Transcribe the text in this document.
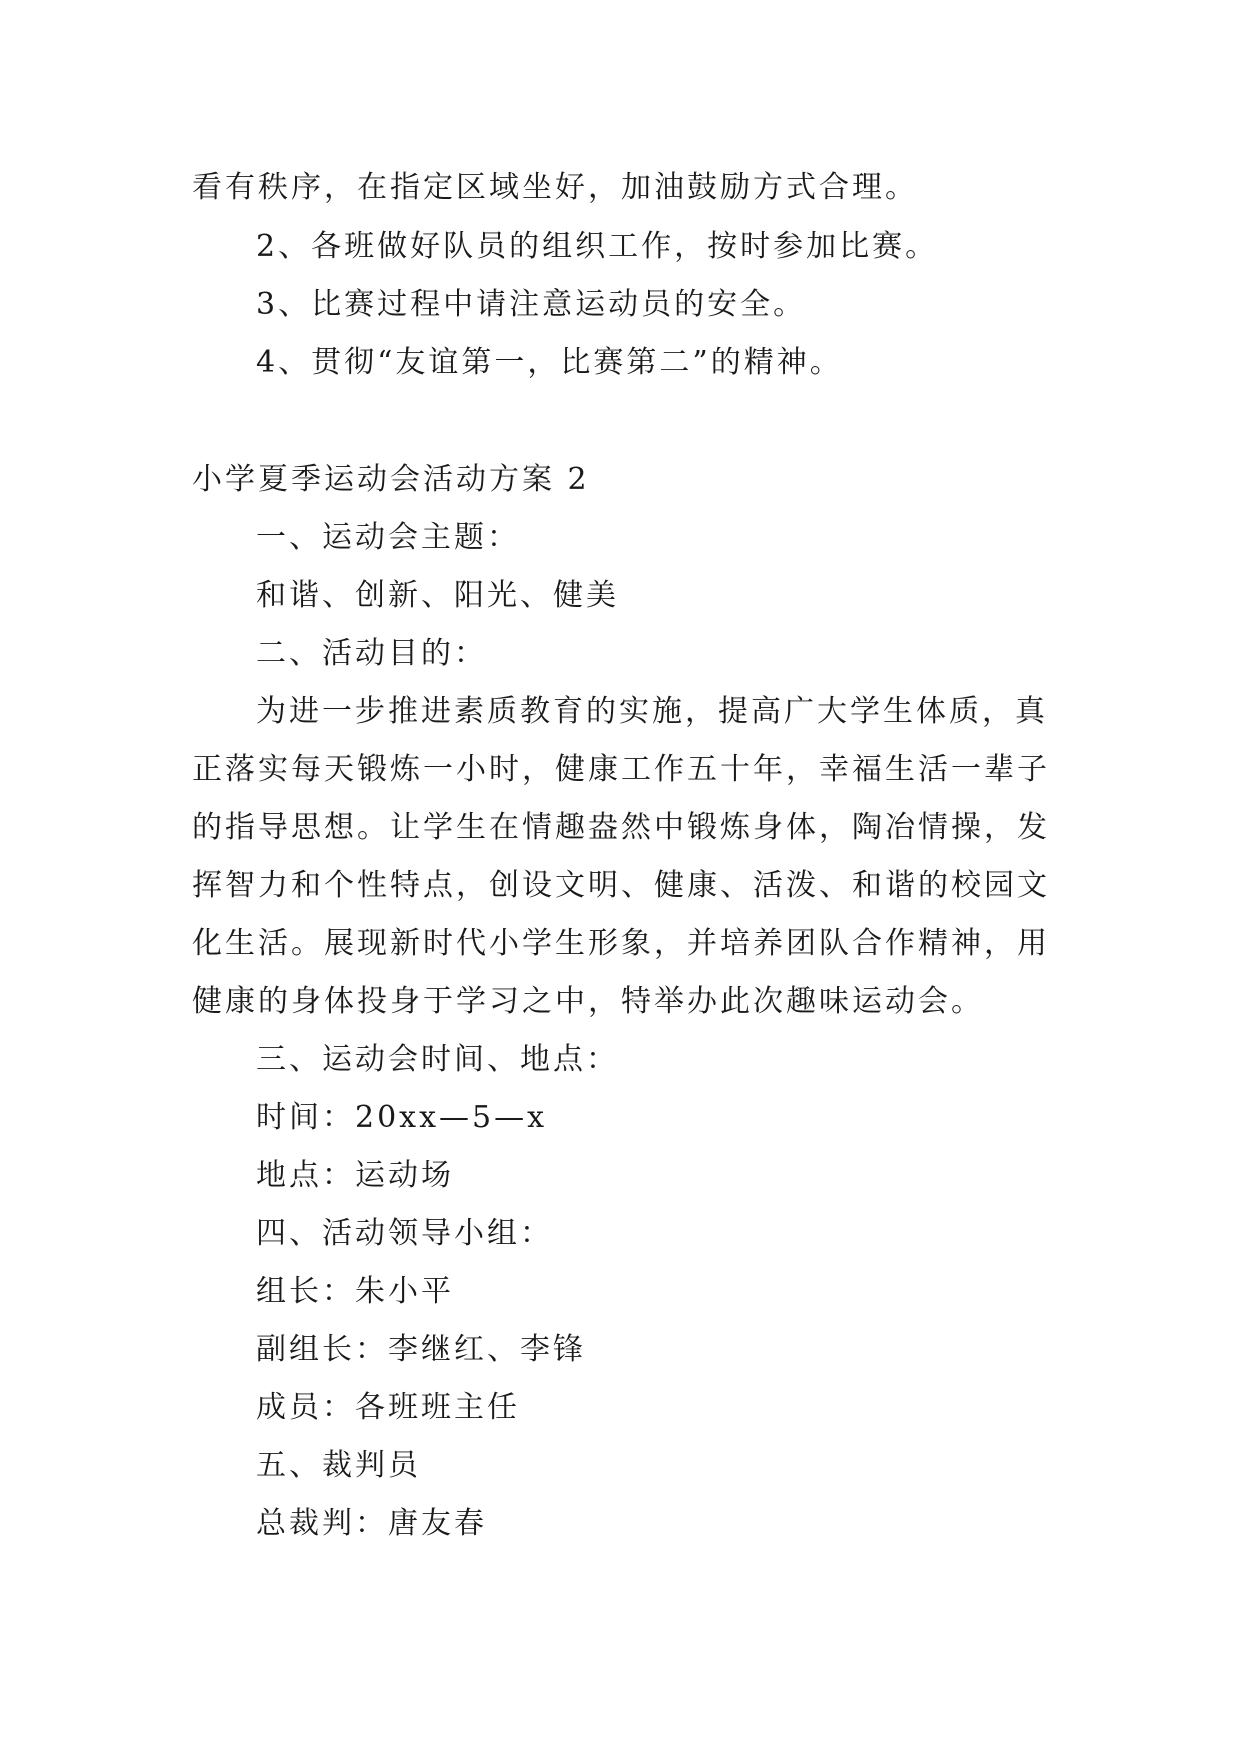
看有秩序，在指定区域坐好，加油鼓励方式合理。
2、各班做好队员的组织工作，按时参加比赛。
3、比赛过程中请注意运动员的安全。
4、贯彻“友谊第一，比赛第二”的精神。
小学夏季运动会活动方案 2
一、运动会主题：
和谐、创新、阳光、健美
二、活动目的：
为进一步推进素质教育的实施，提高广大学生体质，真
正落实每天锻炼一小时，健康工作五十年，幸福生活一辈子
的指导思想。让学生在情趣盎然中锻炼身体，陶冶情操，发
挥智力和个性特点，创设文明、健康、活泼、和谐的校园文
化生活。展现新时代小学生形象，并培养团队合作精神，用
健康的身体投身于学习之中，特举办此次趣味运动会。
三、运动会时间、地点：
时间：20xx—5—x
地点：运动场
四、活动领导小组：
组长：朱小平
副组长：李继红、李锋
成员：各班班主任
五、裁判员
总裁判：唐友春
